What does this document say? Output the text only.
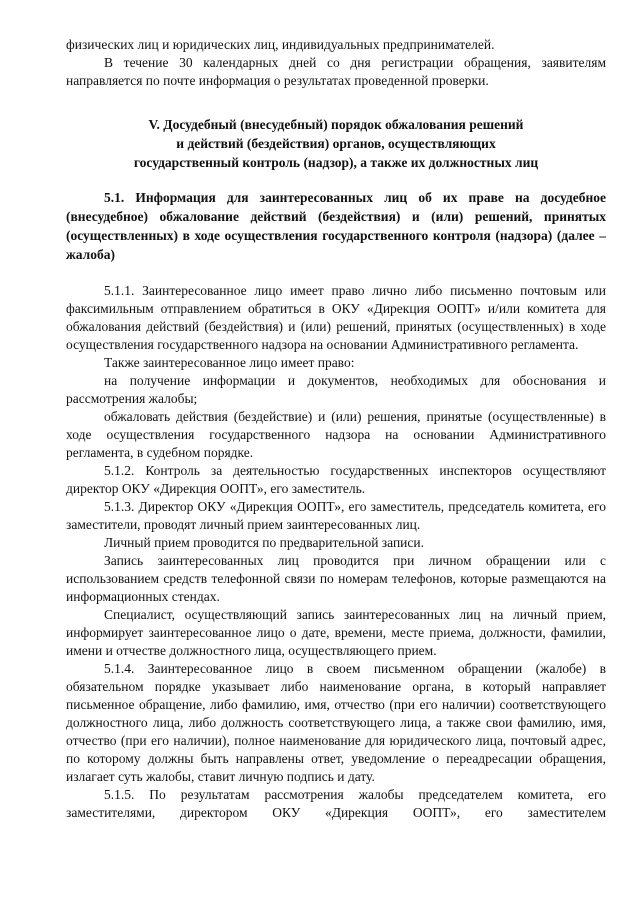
физических лиц и юридических лиц, индивидуальных предпринимателей.

В течение 30 календарных дней со дня регистрации обращения, заявителям направляется по почте информация о результатах проведенной проверки.

V. Досудебный (внесудебный) порядок обжалования решений
и действий (бездействия) органов, осуществляющих
государственный контроль (надзор), а также их должностных лиц

5.1. Информация для заинтересованных лиц об их праве на досудебное (внесудебное) обжалование действий (бездействия) и (или) решений, принятых (осуществленных) в ходе осуществления государственного контроля (надзора) (далее – жалоба)

5.1.1. Заинтересованное лицо имеет право лично либо письменно почтовым или факсимильным отправлением обратиться в ОКУ «Дирекция ООПТ» и/или комитета для обжалования действий (бездействия) и (или) решений, принятых (осуществленных) в ходе осуществления государственного надзора на основании Административного регламента.

Также заинтересованное лицо имеет право:

на получение информации и документов, необходимых для обоснования и рассмотрения жалобы;

обжаловать действия (бездействие) и (или) решения, принятые (осуществленные) в ходе осуществления государственного надзора на основании Административного регламента, в судебном порядке.

5.1.2. Контроль за деятельностью государственных инспекторов осуществляют директор ОКУ «Дирекция ООПТ», его заместитель.

5.1.3. Директор ОКУ «Дирекция ООПТ», его заместитель, председатель комитета, его заместители, проводят личный прием заинтересованных лиц.

Личный прием проводится по предварительной записи.

Запись заинтересованных лиц проводится при личном обращении или с использованием средств телефонной связи по номерам телефонов, которые размещаются на информационных стендах.

Специалист, осуществляющий запись заинтересованных лиц на личный прием, информирует заинтересованное лицо о дате, времени, месте приема, должности, фамилии, имени и отчестве должностного лица, осуществляющего прием.

5.1.4. Заинтересованное лицо в своем письменном обращении (жалобе) в обязательном порядке указывает либо наименование органа, в который направляет письменное обращение, либо фамилию, имя, отчество (при его наличии) соответствующего должностного лица, либо должность соответствующего лица, а также свои фамилию, имя, отчество (при его наличии), полное наименование для юридического лица, почтовый адрес, по которому должны быть направлены ответ, уведомление о переадресации обращения, излагает суть жалобы, ставит личную подпись и дату.

5.1.5. По результатам рассмотрения жалобы председателем комитета, его заместителями, директором ОКУ «Дирекция ООПТ», его заместителем
